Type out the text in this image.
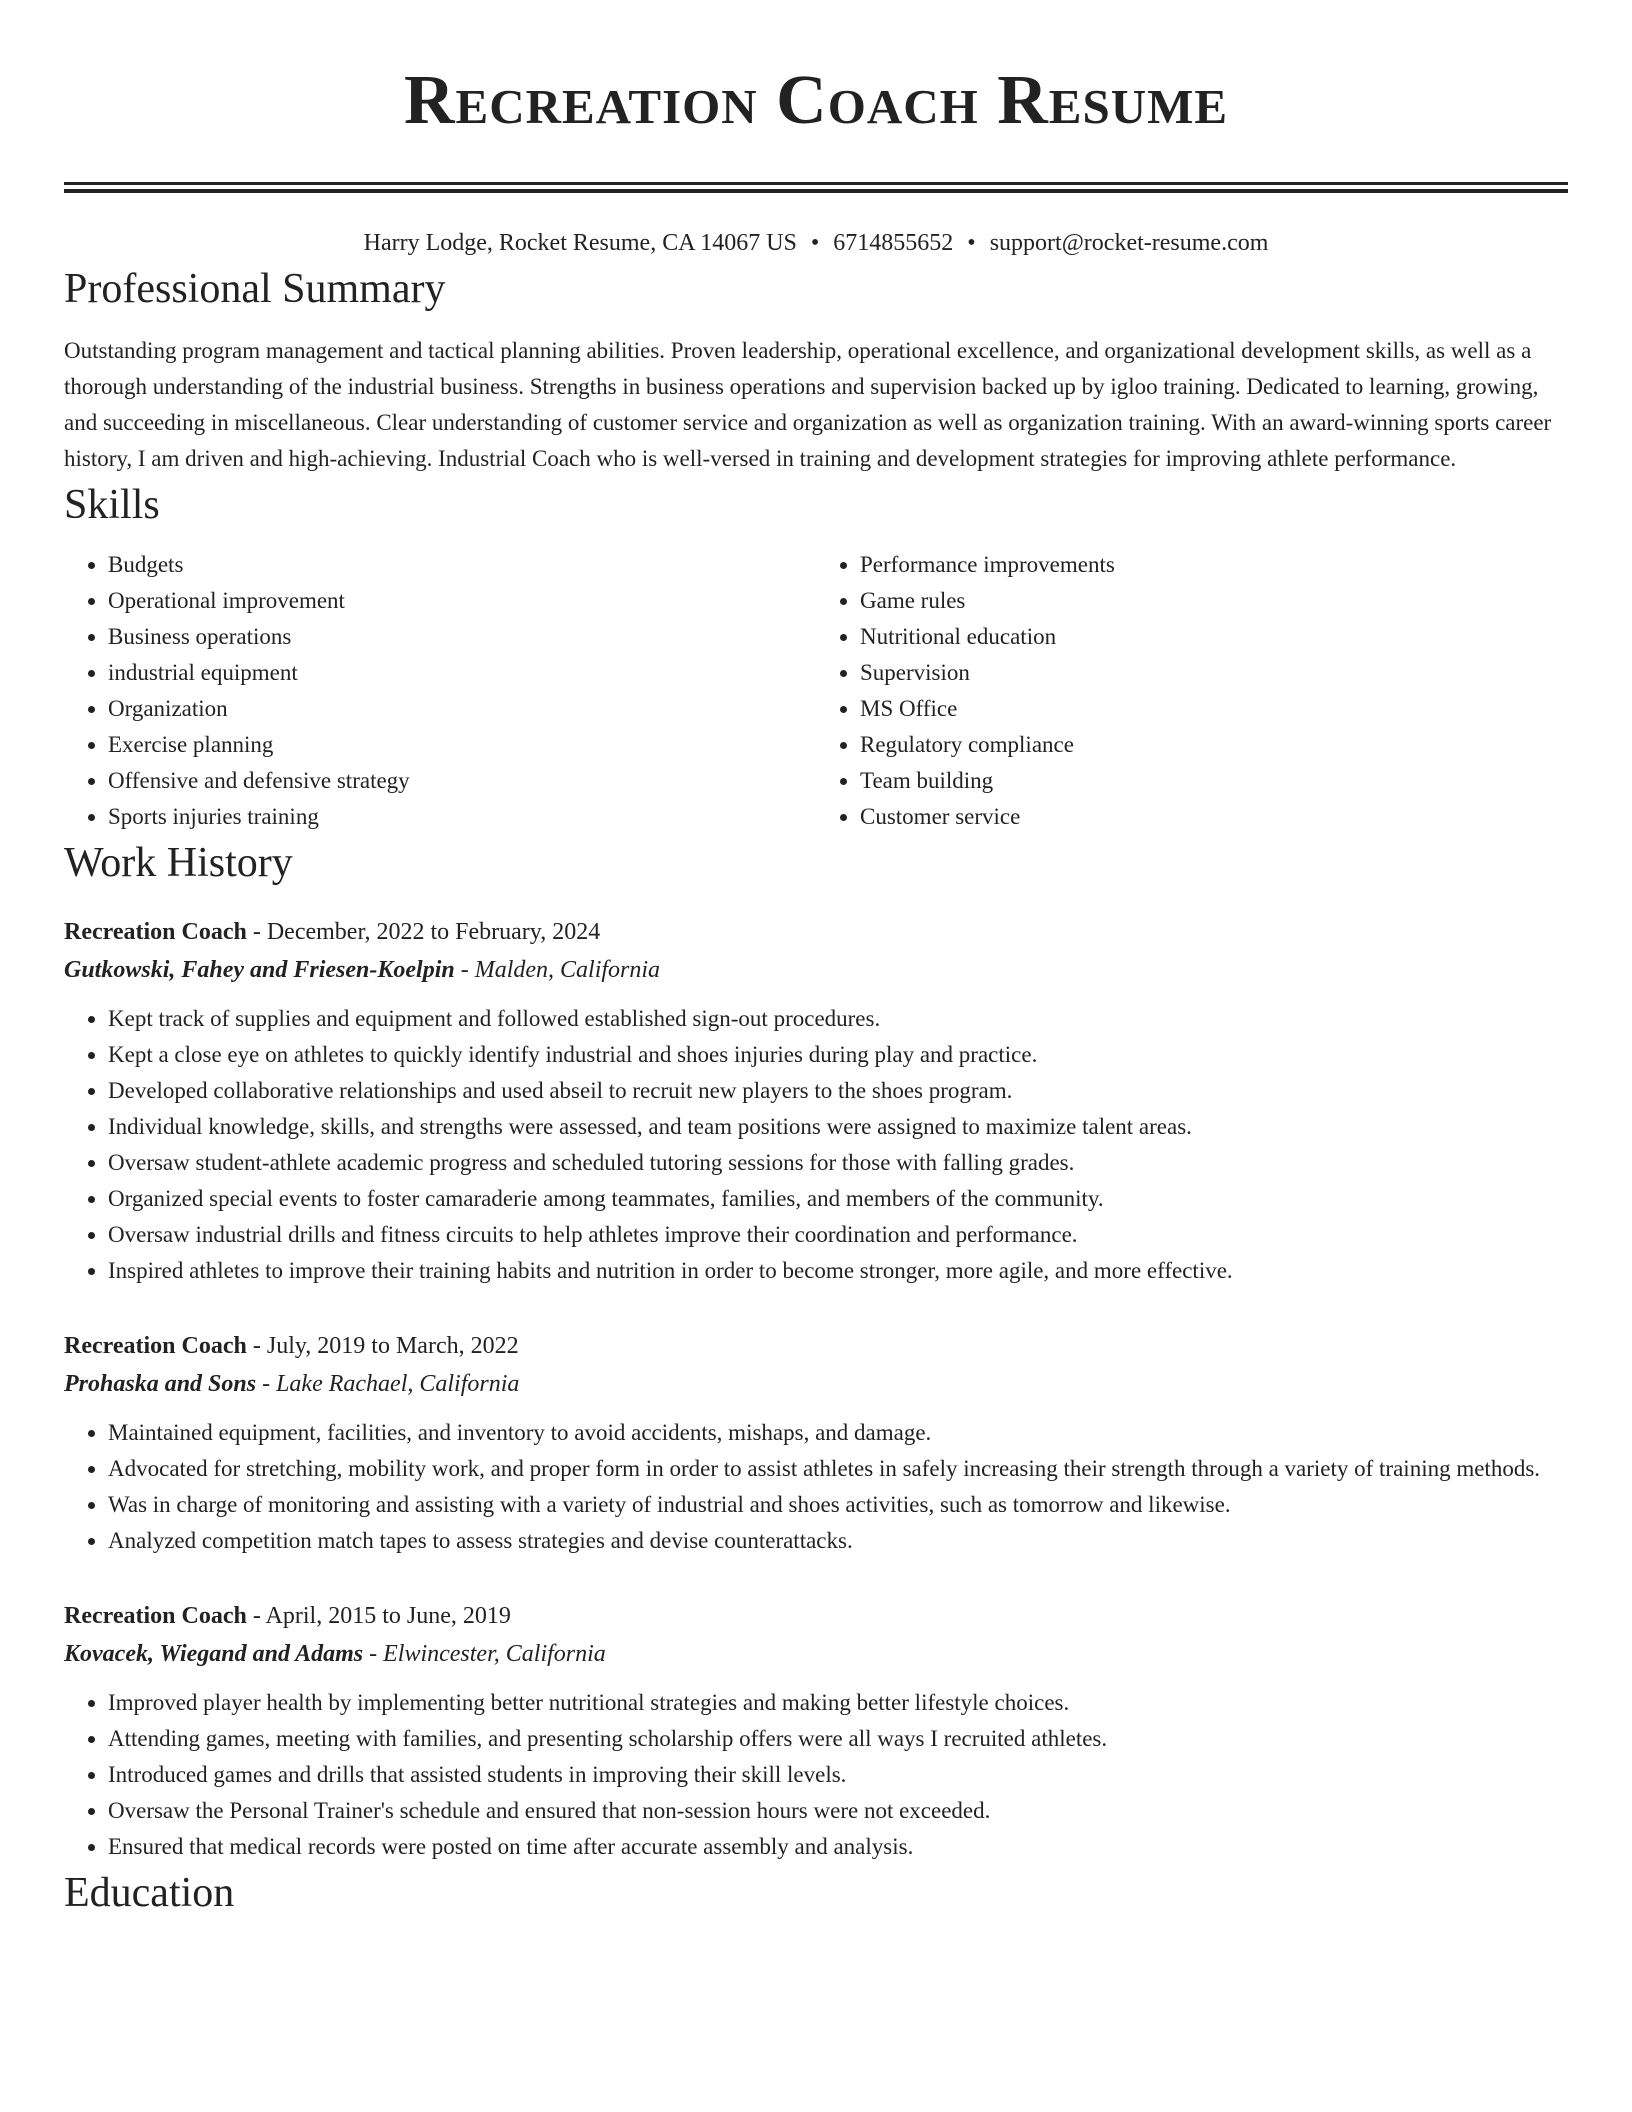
Recreation Coach Resume
Harry Lodge, Rocket Resume, CA 14067 US • 6714855652 • support@rocket-resume.com
Professional Summary

Outstanding program management and tactical planning abilities. Proven leadership, operational excellence, and organizational development skills, as well as a thorough understanding of the industrial business. Strengths in business operations and supervision backed up by igloo training. Dedicated to learning, growing, and succeeding in miscellaneous. Clear understanding of customer service and organization as well as organization training. With an award-winning sports career history, I am driven and high-achieving. Industrial Coach who is well-versed in training and development strategies for improving athlete performance.

Skills
• Budgets
• Operational improvement
• Business operations
• industrial equipment
• Organization
• Exercise planning
• Offensive and defensive strategy
• Sports injuries training
• Performance improvements
• Game rules
• Nutritional education
• Supervision
• MS Office
• Regulatory compliance
• Team building
• Customer service
Work History
Recreation Coach - December, 2022 to February, 2024
Gutkowski, Fahey and Friesen-Koelpin - Malden, California
• Kept track of supplies and equipment and followed established sign-out procedures.
• Kept a close eye on athletes to quickly identify industrial and shoes injuries during play and practice.
• Developed collaborative relationships and used abseil to recruit new players to the shoes program.
• Individual knowledge, skills, and strengths were assessed, and team positions were assigned to maximize talent areas.
• Oversaw student-athlete academic progress and scheduled tutoring sessions for those with falling grades.
• Organized special events to foster camaraderie among teammates, families, and members of the community.
• Oversaw industrial drills and fitness circuits to help athletes improve their coordination and performance.
• Inspired athletes to improve their training habits and nutrition in order to become stronger, more agile, and more effective.
Recreation Coach - July, 2019 to March, 2022
Prohaska and Sons - Lake Rachael, California
• Maintained equipment, facilities, and inventory to avoid accidents, mishaps, and damage.
• Advocated for stretching, mobility work, and proper form in order to assist athletes in safely increasing their strength through a variety of training methods.
• Was in charge of monitoring and assisting with a variety of industrial and shoes activities, such as tomorrow and likewise.
• Analyzed competition match tapes to assess strategies and devise counterattacks.
Recreation Coach - April, 2015 to June, 2019
Kovacek, Wiegand and Adams - Elwincester, California
• Improved player health by implementing better nutritional strategies and making better lifestyle choices.
• Attending games, meeting with families, and presenting scholarship offers were all ways I recruited athletes.
• Introduced games and drills that assisted students in improving their skill levels.
• Oversaw the Personal Trainer's schedule and ensured that non-session hours were not exceeded.
• Ensured that medical records were posted on time after accurate assembly and analysis.
Education
